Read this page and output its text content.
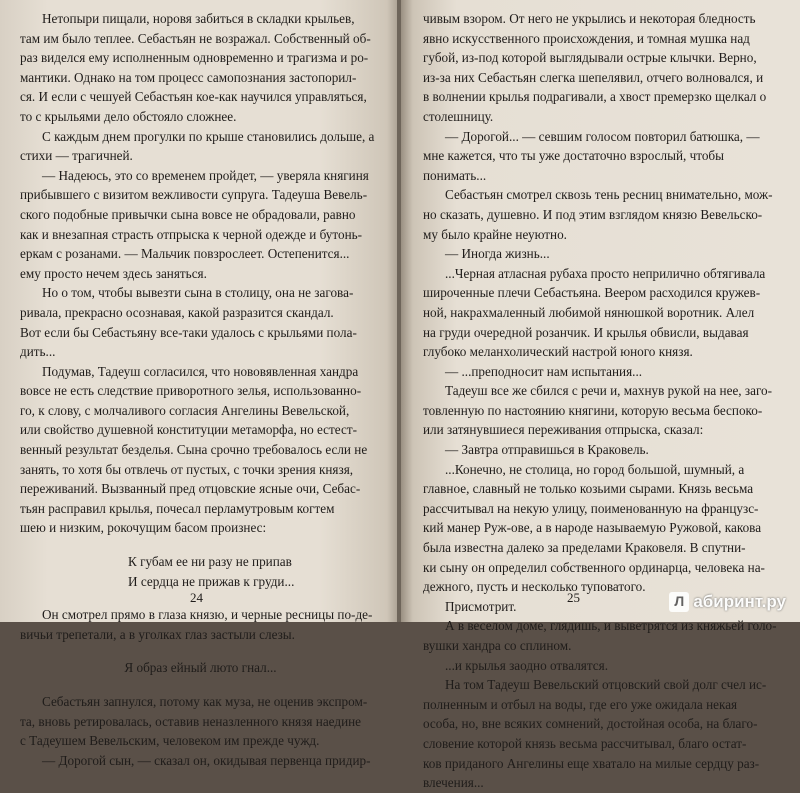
Нетопыри пищали, норовя забиться в складки крыльев,
там им было теплее. Себастьян не возражал. Собственный об-
раз виделся ему исполненным одновременно и трагизма и ро-
мантики. Однако на том процесс самопознания застопорил-
ся. И если с чешуей Себастьян кое-как научился управляться,
то с крыльями дело обстояло сложнее.
С каждым днем прогулки по крыше становились дольше, а
стихи — трагичней.
— Надеюсь, это со временем пройдет, — уверяла княгиня
прибывшего с визитом вежливости супруга. Тадеуша Вевель-
ского подобные привычки сына вовсе не обрадовали, равно
как и внезапная страсть отпрыска к черной одежде и бутонь-
еркам с розанами. — Мальчик повзрослеет. Остепенится...
ему просто нечем здесь заняться.
Но о том, чтобы вывезти сына в столицу, она не загова-
ривала, прекрасно осознавая, какой разразится скандал.
Вот если бы Себастьяну все-таки удалось с крыльями пола-
дить...
Подумав, Тадеуш согласился, что нововявленная хандра
вовсе не есть следствие приворотного зелья, использованно-
го, к слову, с молчаливого согласия Ангелины Вевельской,
или свойство душевной конституции метаморфа, но естест-
венный результат безделья. Сына срочно требовалось если не
занять, то хотя бы отвлечь от пустых, с точки зрения князя,
переживаний. Вызванный пред отцовские ясные очи, Себас-
тьян расправил крылья, почесал перламутровым когтем
шею и низким, рокочущим басом произнес:
К губам ее ни разу не припав
И сердца не прижав к груди...
Он смотрел прямо в глаза князю, и черные ресницы по-де-
вичьи трепетали, а в уголках глаз застыли слезы.
Я образ ейный люто гнал...
Себастьян запнулся, потому как муза, не оценив экспром-
та, вновь ретировалась, оставив неназленного князя наедине
с Тадеушем Вевельским, человеком им прежде чужд.
— Дорогой сын, — сказал он, окидывая первенца придир-
24
чивым взором. От него не укрылись и некоторая бледность
явно искусственного происхождения, и томная мушка над
губой, из-под которой выглядывали острые клычки. Верно,
из-за них Себастьян слегка шепелявил, отчего волновался, и
в волнении крылья подрагивали, а хвост премерзко щелкал о
столешницу.
— Дорогой... — севшим голосом повторил батюшка, —
мне кажется, что ты уже достаточно взрослый, чтобы
понимать...
Себастьян смотрел сквозь тень ресниц внимательно, мож-
но сказать, душевно. И под этим взглядом князю Вевельско-
му было крайне неуютно.
— Иногда жизнь...
...Черная атласная рубаха просто неприлично обтягивала
широченные плечи Себастьяна. Веером расходился кружев-
ной, накрахмаленный любимой нянюшкой воротник. Алел
на груди очередной розанчик. И крылья обвисли, выдавая
глубоко меланхолический настрой юного князя.
— ...преподносит нам испытания...
Тадеуш все же сбился с речи и, махнув рукой на нее, заго-
товленную по настоянию княгини, которую весьма беспоко-
или затянувшиеся переживания отпрыска, сказал:
— Завтра отправишься в Краковель.
...Конечно, не столица, но город большой, шумный, а
главное, славный не только козьими сырами. Князь весьма
рассчитывал на некую улицу, поименованную на французс-
кий манер Руж-ове, а в народе называемую Ружовой, какова
была известна далеко за пределами Краковеля. В спутни-
ки сыну он определил собственного ординарца, человека на-
дежного, пусть и несколько туповатого.
Присмотрит.
А в веселом доме, глядишь, и выветрятся из княжьей голо-
вушки хандра со сплином.
...и крылья заодно отвалятся.
На том Тадеуш Вевельский отцовский свой долг счел ис-
полненным и отбыл на воды, где его уже ожидала некая
особа, но, вне всяких сомнений, достойная особа, на благо-
словение которой князь весьма рассчитывал, благо остат-
ков приданого Ангелины еще хватало на милые сердцу раз-
влечения...
25	Л абиринт.ру
